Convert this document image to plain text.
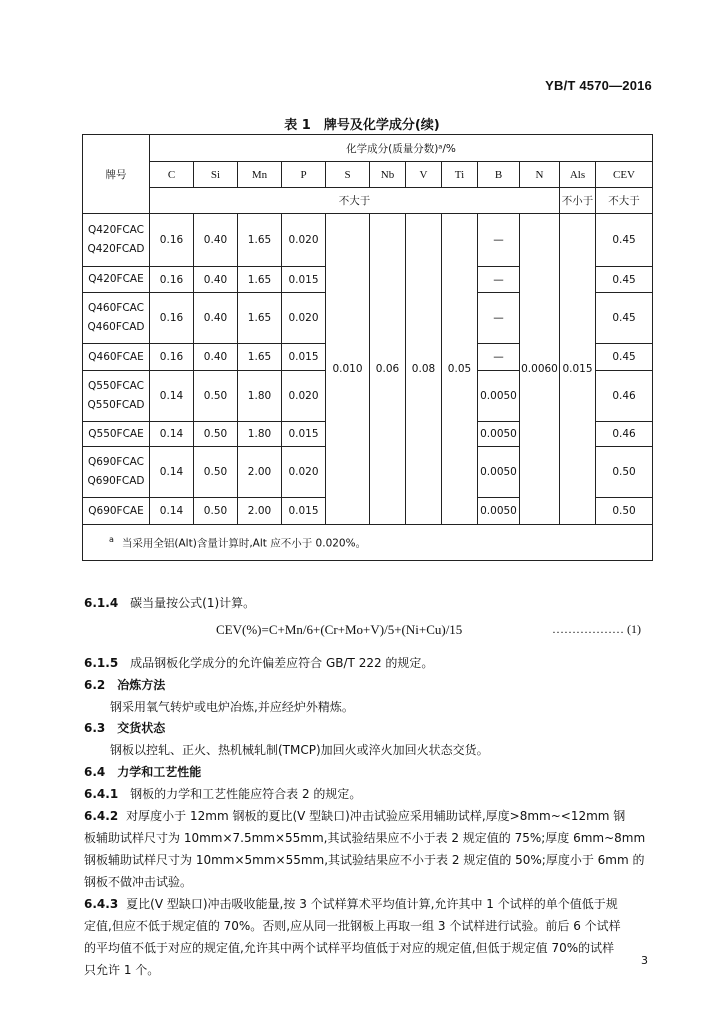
YB/T 4570—2016
表 1　牌号及化学成分(续)
牌号	化学成分(质量分数)ᵃ/%											
	C	Si	Mn	P	S	Nb	V	Ti	B	N	Als	CEV
	不大于										不小于	不大于

Q420FCAC
Q420FCAD	0.16	0.40	1.65	0.020	0.010	0.06	0.08	0.05	—	0.0060	0.015	0.45

Q420FCAE	0.16	0.40	1.65	0.015					—			0.45

Q460FCAC
Q460FCAD	0.16	0.40	1.65	0.020					—			0.45

Q460FCAE	0.16	0.40	1.65	0.015					—			0.45

Q550FCAC
Q550FCAD	0.14	0.50	1.80	0.020					0.0050			0.46

Q550FCAE	0.14	0.50	1.80	0.015					0.0050			0.46

Q690FCAC
Q690FCAD	0.14	0.50	2.00	0.020					0.0050			0.50

Q690FCAE	0.14	0.50	2.00	0.015					0.0050			0.50
$^a$ 当采用全铝(Alt)含量计算时,Alt 应不小于 0.020%。												
6.1.4 碳当量按公式(1)计算。
CEV(%)=C+Mn/6+(Cr+Mo+V)/5+(Ni+Cu)/15	……………… (1)
6.1.5 成品钢板化学成分的允许偏差应符合 GB/T 222 的规定。
6.2 冶炼方法
钢采用氧气转炉或电炉冶炼,并应经炉外精炼。
6.3 交货状态
钢板以控轧、正火、热机械轧制(TMCP)加回火或淬火加回火状态交货。
6.4 力学和工艺性能
6.4.1 钢板的力学和工艺性能应符合表 2 的规定。
6.4.2 对厚度小于 12mm 钢板的夏比(V 型缺口)冲击试验应采用辅助试样,厚度>8mm~<12mm 钢
板辅助试样尺寸为 10mm×7.5mm×55mm,其试验结果应不小于表 2 规定值的 75%;厚度 6mm~8mm
钢板辅助试样尺寸为 10mm×5mm×55mm,其试验结果应不小于表 2 规定值的 50%;厚度小于 6mm 的
钢板不做冲击试验。
6.4.3 夏比(V 型缺口)冲击吸收能量,按 3 个试样算术平均值计算,允许其中 1 个试样的单个值低于规
定值,但应不低于规定值的 70%。否则,应从同一批钢板上再取一组 3 个试样进行试验。前后 6 个试样
的平均值不低于对应的规定值,允许其中两个试样平均值低于对应的规定值,但低于规定值 70%的试样
只允许 1 个。
3
